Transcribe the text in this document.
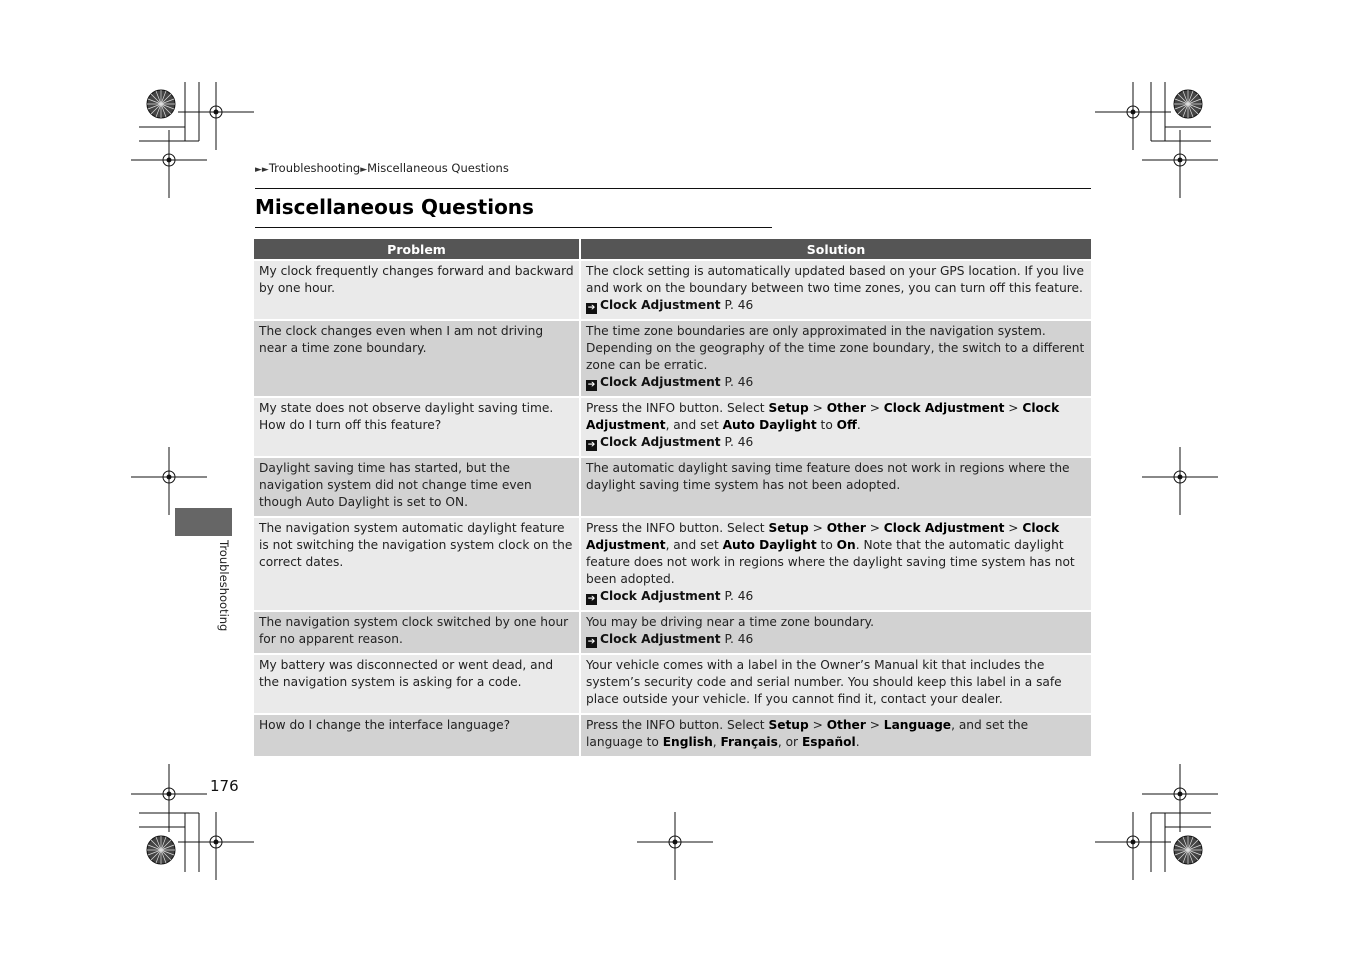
►►Troubleshooting►Miscellaneous Questions
Miscellaneous Questions
Troubleshooting
Problem	Solution
My clock frequently changes forward and backward by one hour.	The clock setting is automatically updated based on your GPS location. If you live and work on the boundary between two time zones, you can turn off this feature.
➔ Clock Adjustment P. 46

The clock changes even when I am not driving near a time zone boundary.	The time zone boundaries are only approximated in the navigation system. Depending on the geography of the time zone boundary, the switch to a different zone can be erratic.
➔ Clock Adjustment P. 46

My state does not observe daylight saving time. How do I turn off this feature?	Press the INFO button. Select Setup > Other > Clock Adjustment > Clock Adjustment, and set Auto Daylight to Off.
➔ Clock Adjustment P. 46

Daylight saving time has started, but the navigation system did not change time even though Auto Daylight is set to ON.	The automatic daylight saving time feature does not work in regions where the daylight saving time system has not been adopted.
The navigation system automatic daylight feature is not switching the navigation system clock on the correct dates.	Press the INFO button. Select Setup > Other > Clock Adjustment > Clock Adjustment, and set Auto Daylight to On. Note that the automatic daylight feature does not work in regions where the daylight saving time system has not been adopted.
➔ Clock Adjustment P. 46

The navigation system clock switched by one hour for no apparent reason.	You may be driving near a time zone boundary.
➔ Clock Adjustment P. 46

My battery was disconnected or went dead, and the navigation system is asking for a code.	Your vehicle comes with a label in the Owner’s Manual kit that includes the system’s security code and serial number. You should keep this label in a safe place outside your vehicle. If you cannot find it, contact your dealer.
How do I change the interface language?	Press the INFO button. Select Setup > Other > Language, and set the language to English, Français, or Español.
176
